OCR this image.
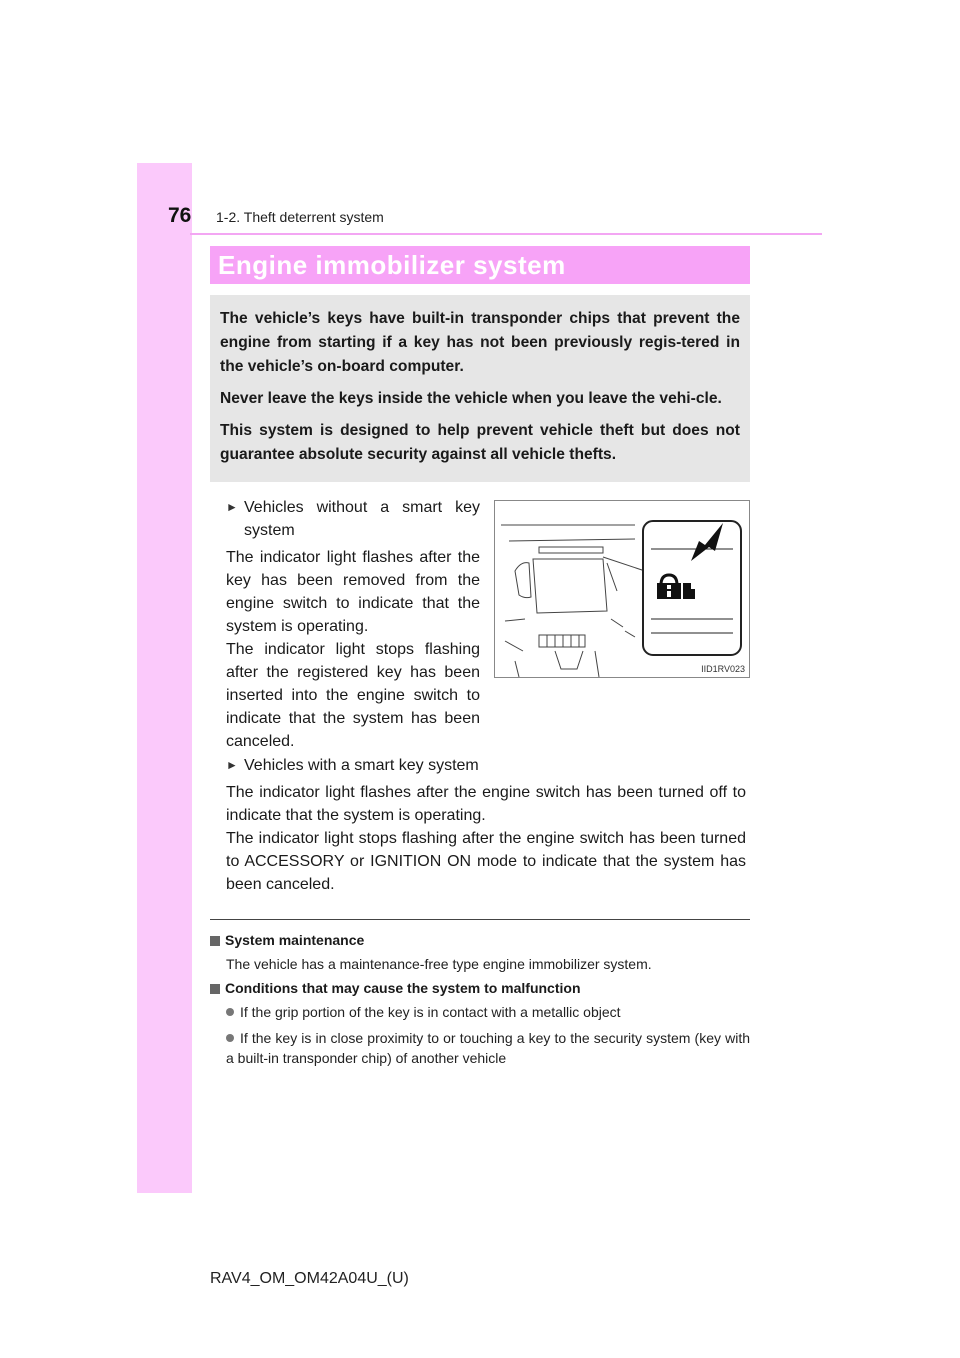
76 1-2. Theft deterrent system
Engine immobilizer system

The vehicle’s keys have built-in transponder chips that prevent the engine from starting if a key has not been previously regis-tered in the vehicle’s on-board computer.

Never leave the keys inside the vehicle when you leave the vehi-cle.

This system is designed to help prevent vehicle theft but does not guarantee absolute security against all vehicle thefts.

► Vehicles without a smart key system

The indicator light flashes after the key has been removed from the engine switch to indicate that the system is operating.

The indicator light stops flashing after the registered key has been inserted into the engine switch to indicate that the system has been canceled.

IID1RV023
► Vehicles with a smart key system

The indicator light flashes after the engine switch has been turned off to indicate that the system is operating.

The indicator light stops flashing after the engine switch has been turned to ACCESSORY or IGNITION ON mode to indicate that the system has been canceled.

System maintenance
The vehicle has a maintenance-free type engine immobilizer system.
Conditions that may cause the system to malfunction
If the grip portion of the key is in contact with a metallic object
If the key is in close proximity to or touching a key to the security system (key with a built-in transponder chip) of another vehicle
RAV4_OM_OM42A04U_(U)
